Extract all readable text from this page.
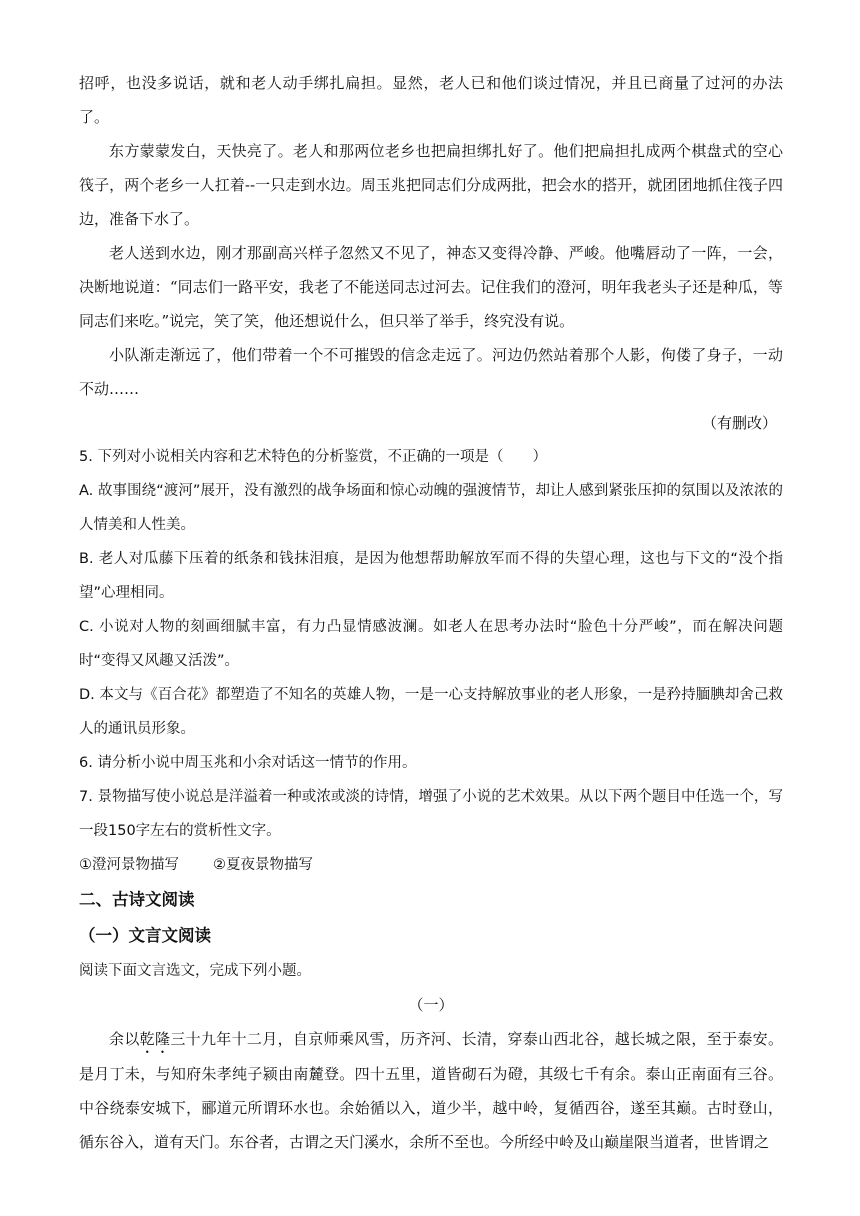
招呼，也没多说话，就和老人动手绑扎扁担。显然，老人已和他们谈过情况，并且已商量了过河的办法了。

东方蒙蒙发白，天快亮了。老人和那两位老乡也把扁担绑扎好了。他们把扁担扎成两个棋盘式的空心筏子，两个老乡一人扛着--一只走到水边。周玉兆把同志们分成两批，把会水的搭开，就团团地抓住筏子四边，准备下水了。

老人送到水边，刚才那副高兴样子忽然又不见了，神态又变得冷静、严峻。他嘴唇动了一阵，一会，决断地说道：“同志们一路平安，我老了不能送同志过河去。记住我们的澄河，明年我老头子还是种瓜，等同志们来吃。”说完，笑了笑，他还想说什么，但只举了举手，终究没有说。

小队渐走渐远了，他们带着一个不可摧毁的信念走远了。河边仍然站着那个人影，佝偻了身子，一动不动……

（有删改）

5. 下列对小说相关内容和艺术特色的分析鉴赏，不正确的一项是（　　）

A. 故事围绕“渡河”展开，没有激烈的战争场面和惊心动魄的强渡情节，却让人感到紧张压抑的氛围以及浓浓的人情美和人性美。

B. 老人对瓜藤下压着的纸条和钱抹泪痕，是因为他想帮助解放军而不得的失望心理，这也与下文的“没个指望”心理相同。

C. 小说对人物的刻画细腻丰富，有力凸显情感波澜。如老人在思考办法时“脸色十分严峻”，而在解决问题时“变得又风趣又活泼”。

D. 本文与《百合花》都塑造了不知名的英雄人物，一是一心支持解放事业的老人形象，一是矜持腼腆却舍己救人的通讯员形象。

6. 请分析小说中周玉兆和小余对话这一情节的作用。

7. 景物描写使小说总是洋溢着一种或浓或淡的诗情，增强了小说的艺术效果。从以下两个题目中任选一个，写一段150字左右的赏析性文字。

①澄河景物描写 ②夏夜景物描写

二、古诗文阅读

（一）文言文阅读

阅读下面文言选文，完成下列小题。

（一）

余以乾隆三十九年十二月，自京师乘风雪，历齐河、长清，穿泰山西北谷，越长城之限，至于泰安。是月丁未，与知府朱孝纯子颍由南麓登。四十五里，道皆砌石为磴，其级七千有余。泰山正南面有三谷。中谷绕泰安城下，郦道元所谓环水也。余始循以入，道少半，越中岭，复循西谷，遂至其巅。古时登山，循东谷入，道有天门。东谷者，古谓之天门溪水，余所不至也。今所经中岭及山巅崖限当道者，世皆谓之
